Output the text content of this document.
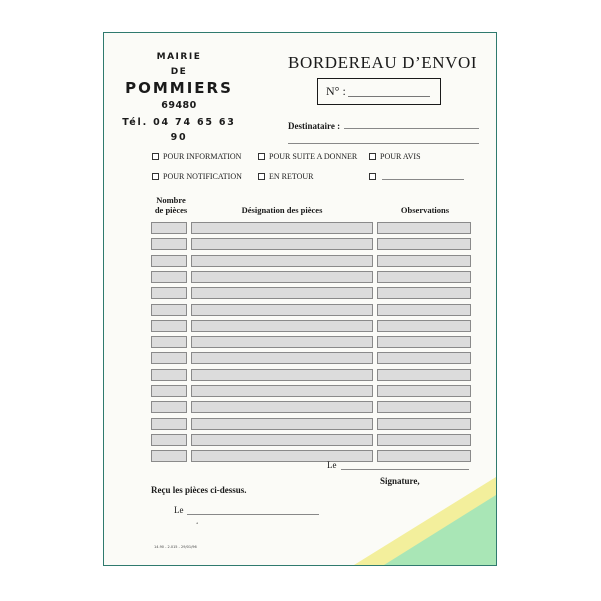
MAIRIE
DE
POMMIERS
69480
Tél. 04 74 65 63 90
BORDEREAU D’ENVOI
N° :
Destinataire :
POUR INFORMATION	POUR SUITE A DONNER	POUR AVIS
POUR NOTIFICATION	EN RETOUR
Nombre
de pièces	Désignation des pièces	Observations
Le
Signature,
Reçu les pièces ci-dessus.
Le
‘
14.90 - 2.015 - 29/01/96
